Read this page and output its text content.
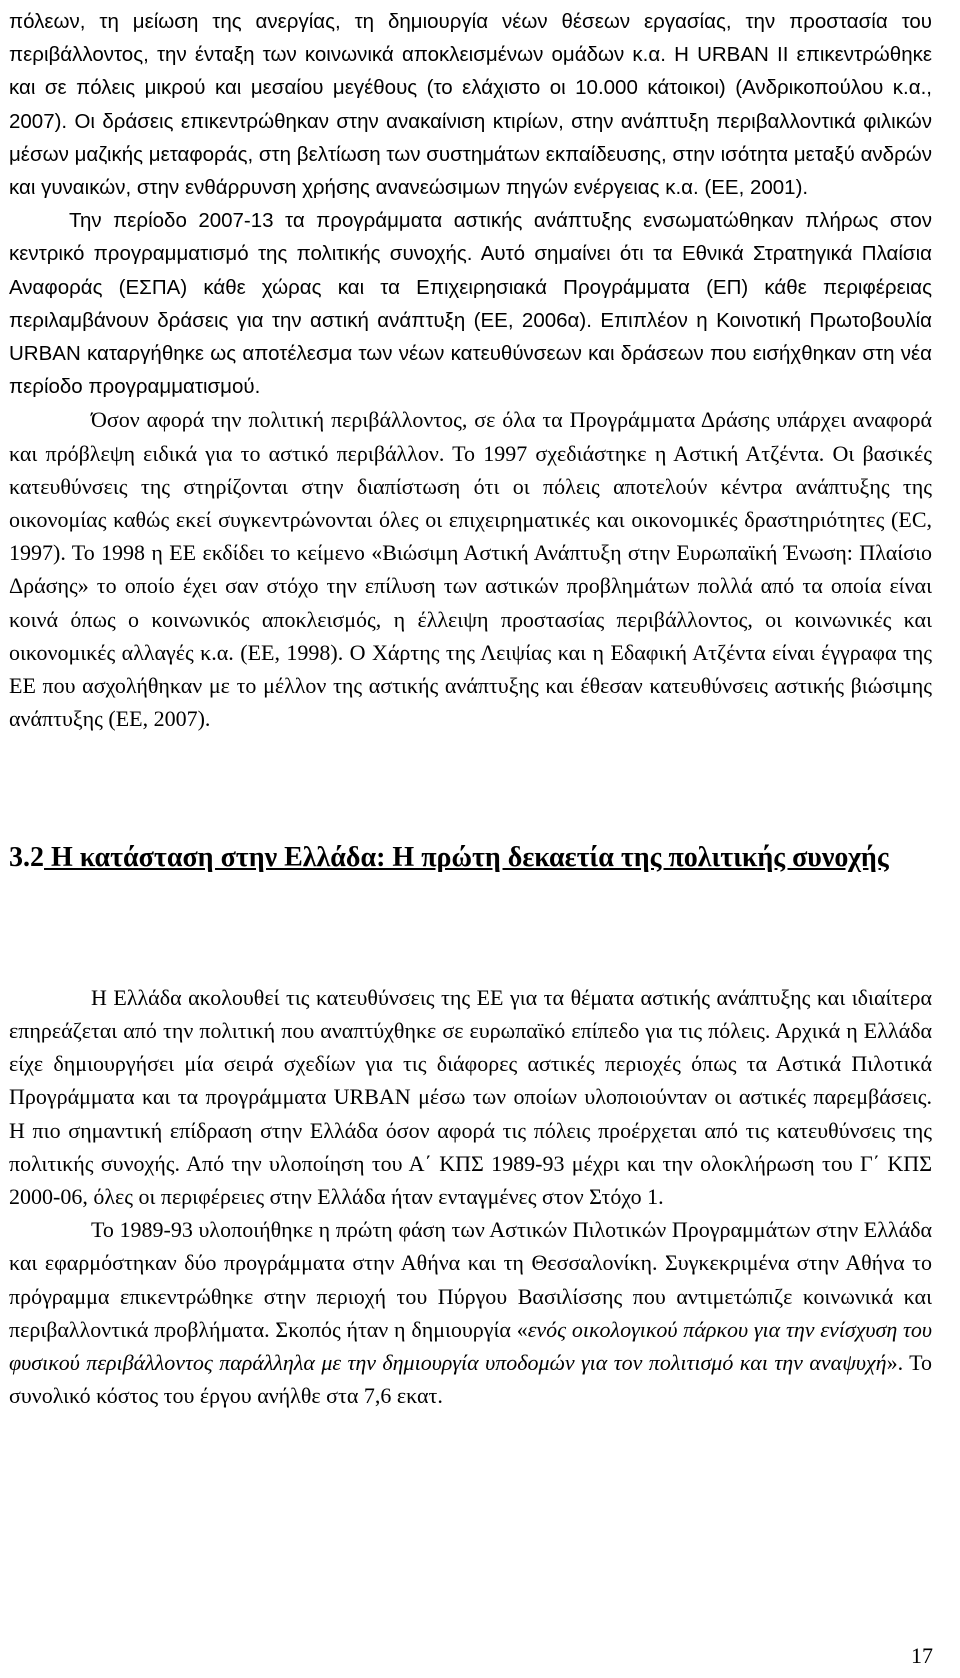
πόλεων, τη μείωση της ανεργίας, τη δημιουργία νέων θέσεων εργασίας, την προστασία του περιβάλλοντος, την ένταξη των κοινωνικά αποκλεισμένων ομάδων κ.α. Η URBAN II επικεντρώθηκε και σε πόλεις μικρού και μεσαίου μεγέθους (το ελάχιστο οι 10.000 κάτοικοι) (Ανδρικοπούλου κ.α., 2007). Οι δράσεις επικεντρώθηκαν στην ανακαίνιση κτιρίων, στην ανάπτυξη περιβαλλοντικά φιλικών μέσων μαζικής μεταφοράς, στη βελτίωση των συστημάτων εκπαίδευσης, στην ισότητα μεταξύ ανδρών και γυναικών, στην ενθάρρυνση χρήσης ανανεώσιμων πηγών ενέργειας κ.α. (ΕΕ, 2001).

Την περίοδο 2007-13 τα προγράμματα αστικής ανάπτυξης ενσωματώθηκαν πλήρως στον κεντρικό προγραμματισμό της πολιτικής συνοχής. Αυτό σημαίνει ότι τα Εθνικά Στρατηγικά Πλαίσια Αναφοράς (ΕΣΠΑ) κάθε χώρας και τα Επιχειρησιακά Προγράμματα (ΕΠ) κάθε περιφέρειας περιλαμβάνουν δράσεις για την αστική ανάπτυξη (ΕΕ, 2006α). Επιπλέον η Κοινοτική Πρωτοβουλία URBAN καταργήθηκε ως αποτέλεσμα των νέων κατευθύνσεων και δράσεων που εισήχθηκαν στη νέα περίοδο προγραμματισμού.

Όσον αφορά την πολιτική περιβάλλοντος, σε όλα τα Προγράμματα Δράσης υπάρχει αναφορά και πρόβλεψη ειδικά για το αστικό περιβάλλον. Το 1997 σχεδιάστηκε η Αστική Ατζέντα. Οι βασικές κατευθύνσεις της στηρίζονται στην διαπίστωση ότι οι πόλεις αποτελούν κέντρα ανάπτυξης της οικονομίας καθώς εκεί συγκεντρώνονται όλες οι επιχειρηματικές και οικονομικές δραστηριότητες (EC, 1997). Το 1998 η ΕΕ εκδίδει το κείμενο «Βιώσιμη Αστική Ανάπτυξη στην Ευρωπαϊκή Ένωση: Πλαίσιο Δράσης» το οποίο έχει σαν στόχο την επίλυση των αστικών προβλημάτων πολλά από τα οποία είναι κοινά όπως ο κοινωνικός αποκλεισμός, η έλλειψη προστασίας περιβάλλοντος, οι κοινωνικές και οικονομικές αλλαγές κ.α. (ΕΕ, 1998). Ο Χάρτης της Λειψίας και η Εδαφική Ατζέντα είναι έγγραφα της ΕΕ που ασχολήθηκαν με το μέλλον της αστικής ανάπτυξης και έθεσαν κατευθύνσεις αστικής βιώσιμης ανάπτυξης (ΕΕ, 2007).

3.2 Η κατάσταση στην Ελλάδα: Η πρώτη δεκαετία της πολιτικής συνοχής

Η Ελλάδα ακολουθεί τις κατευθύνσεις της ΕΕ για τα θέματα αστικής ανάπτυξης και ιδιαίτερα επηρεάζεται από την πολιτική που αναπτύχθηκε σε ευρωπαϊκό επίπεδο για τις πόλεις. Αρχικά η Ελλάδα είχε δημιουργήσει μία σειρά σχεδίων για τις διάφορες αστικές περιοχές όπως τα Αστικά Πιλοτικά Προγράμματα και τα προγράμματα URBAN μέσω των οποίων υλοποιούνταν οι αστικές παρεμβάσεις. Η πιο σημαντική επίδραση στην Ελλάδα όσον αφορά τις πόλεις προέρχεται από τις κατευθύνσεις της πολιτικής συνοχής. Από την υλοποίηση του Α΄ ΚΠΣ 1989-93 μέχρι και την ολοκλήρωση του Γ΄ ΚΠΣ 2000-06, όλες οι περιφέρειες στην Ελλάδα ήταν ενταγμένες στον Στόχο 1.

Το 1989-93 υλοποιήθηκε η πρώτη φάση των Αστικών Πιλοτικών Προγραμμάτων στην Ελλάδα και εφαρμόστηκαν δύο προγράμματα στην Αθήνα και τη Θεσσαλονίκη. Συγκεκριμένα στην Αθήνα το πρόγραμμα επικεντρώθηκε στην περιοχή του Πύργου Βασιλίσσης που αντιμετώπιζε κοινωνικά και περιβαλλοντικά προβλήματα. Σκοπός ήταν η δημιουργία «ενός οικολογικού πάρκου για την ενίσχυση του φυσικού περιβάλλοντος παράλληλα με την δημιουργία υποδομών για τον πολιτισμό και την αναψυχή». Το συνολικό κόστος του έργου ανήλθε στα 7,6 εκατ.

17
